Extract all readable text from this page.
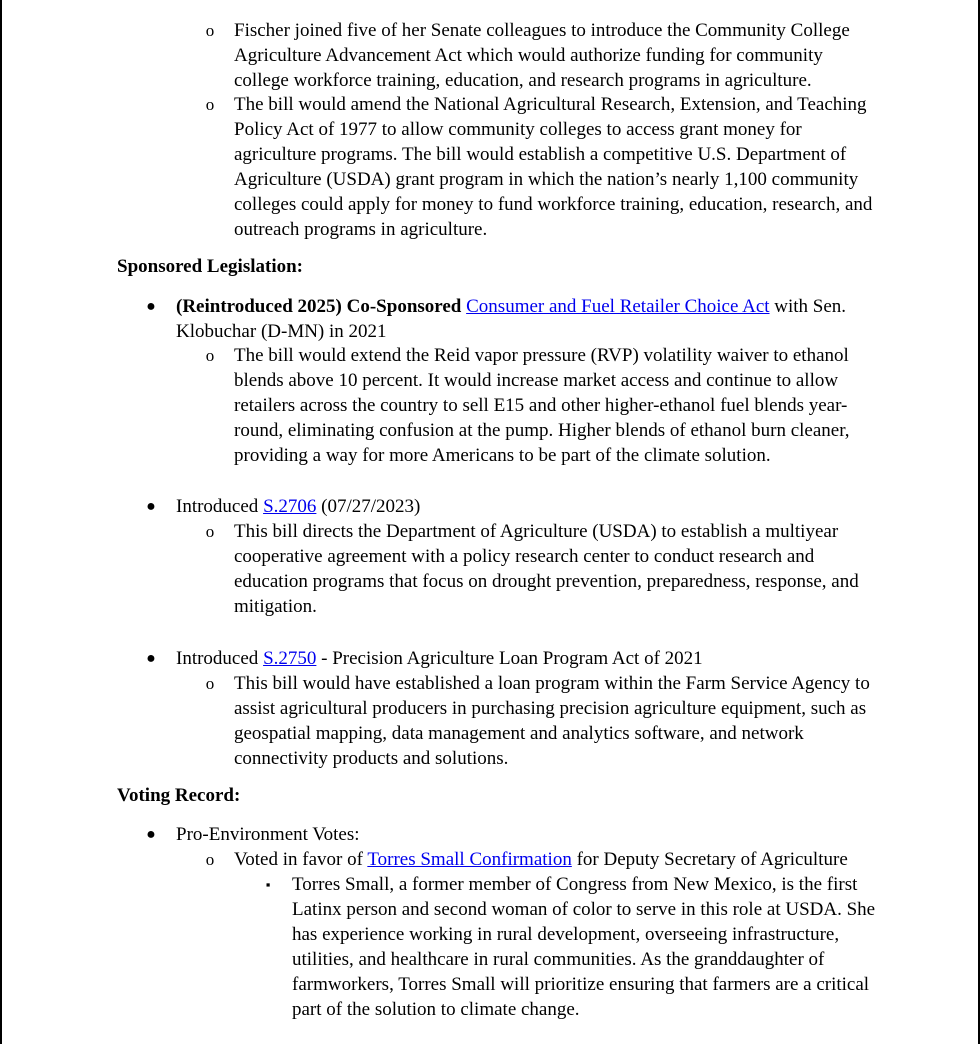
o	Fischer joined five of her Senate colleagues to introduce the Community College Agriculture Advancement Act which would authorize funding for community college workforce training, education, and research programs in agriculture.
o	The bill would amend the National Agricultural Research, Extension, and Teaching Policy Act of 1977 to allow community colleges to access grant money for agriculture programs. The bill would establish a competitive U.S. Department of Agriculture (USDA) grant program in which the nation’s nearly 1,100 community colleges could apply for money to fund workforce training, education, research, and outreach programs in agriculture.
Sponsored Legislation:
● (Reintroduced 2025) Co-Sponsored Consumer and Fuel Retailer Choice Act with Sen. Klobuchar (D-MN) in 2021
o	The bill would extend the Reid vapor pressure (RVP) volatility waiver to ethanol blends above 10 percent. It would increase market access and continue to allow retailers across the country to sell E15 and other higher-ethanol fuel blends year-round, eliminating confusion at the pump. Higher blends of ethanol burn cleaner, providing a way for more Americans to be part of the climate solution.
● Introduced S.2706 (07/27/2023)
o	This bill directs the Department of Agriculture (USDA) to establish a multiyear cooperative agreement with a policy research center to conduct research and education programs that focus on drought prevention, preparedness, response, and mitigation.
● Introduced S.2750 - Precision Agriculture Loan Program Act of 2021
o	This bill would have established a loan program within the Farm Service Agency to assist agricultural producers in purchasing precision agriculture equipment, such as geospatial mapping, data management and analytics software, and network connectivity products and solutions.
Voting Record:
● Pro-Environment Votes:
o	Voted in favor of Torres Small Confirmation for Deputy Secretary of Agriculture
▪	Torres Small, a former member of Congress from New Mexico, is the first Latinx person and second woman of color to serve in this role at USDA. She has experience working in rural development, overseeing infrastructure, utilities, and healthcare in rural communities. As the granddaughter of farmworkers, Torres Small will prioritize ensuring that farmers are a critical part of the solution to climate change.
